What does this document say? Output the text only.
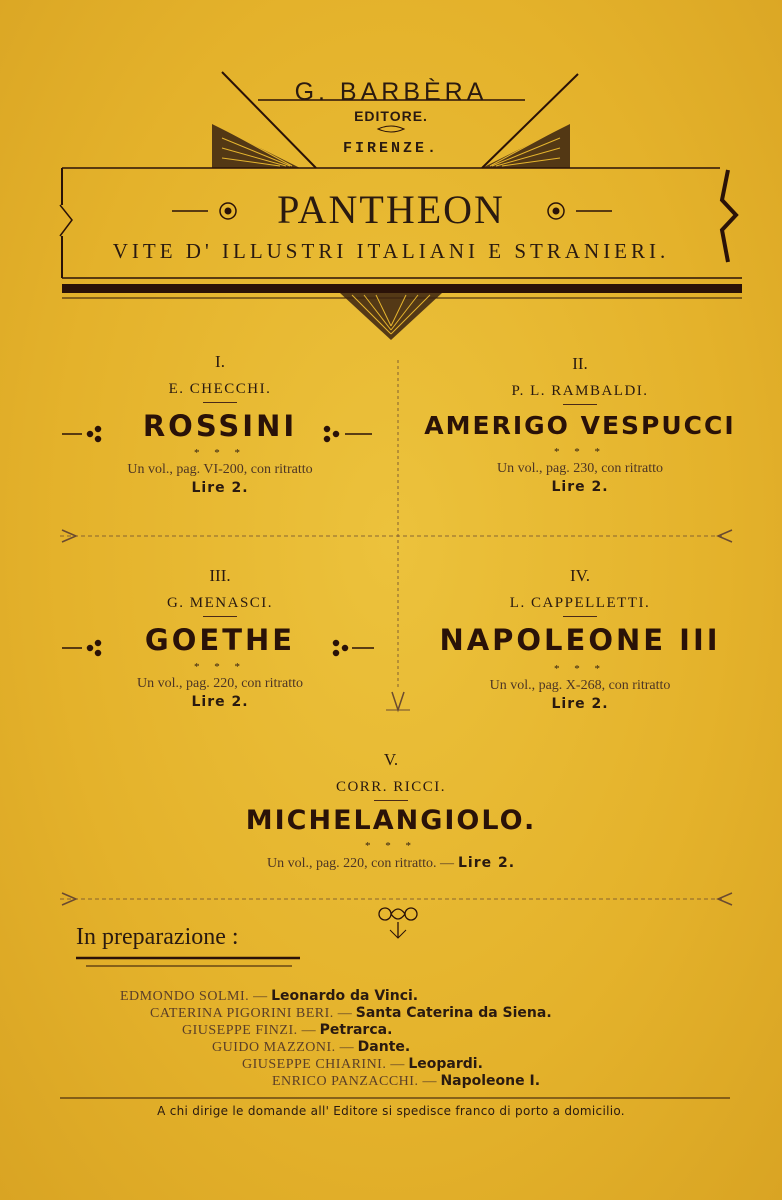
G. BARBÈRA
EDITORE.
FIRENZE.
PANTHEON
VITE D' ILLUSTRI ITALIANI E STRANIERI.
I.
E. CHECCHI.
ROSSINI
* * *
Un vol., pag. VI-200, con ritratto
Lire 2.
II.
P. L. RAMBALDI.
AMERIGO VESPUCCI
* * *
Un vol., pag. 230, con ritratto
Lire 2.
III.
G. MENASCI.
GOETHE
* * *
Un vol., pag. 220, con ritratto
Lire 2.
IV.
L. CAPPELLETTI.
NAPOLEONE III
* * *
Un vol., pag. X-268, con ritratto
Lire 2.
V.
CORR. RICCI.
MICHELANGIOLO.
* * *
Un vol., pag. 220, con ritratto. — Lire 2.
In preparazione :
EDMONDO SOLMI. — Leonardo da Vinci.
CATERINA PIGORINI BERI. — Santa Caterina da Siena.
GIUSEPPE FINZI. — Petrarca.
GUIDO MAZZONI. — Dante.
GIUSEPPE CHIARINI. — Leopardi.
ENRICO PANZACCHI. — Napoleone I.
A chi dirige le domande all' Editore si spedisce franco di porto a domicilio.
